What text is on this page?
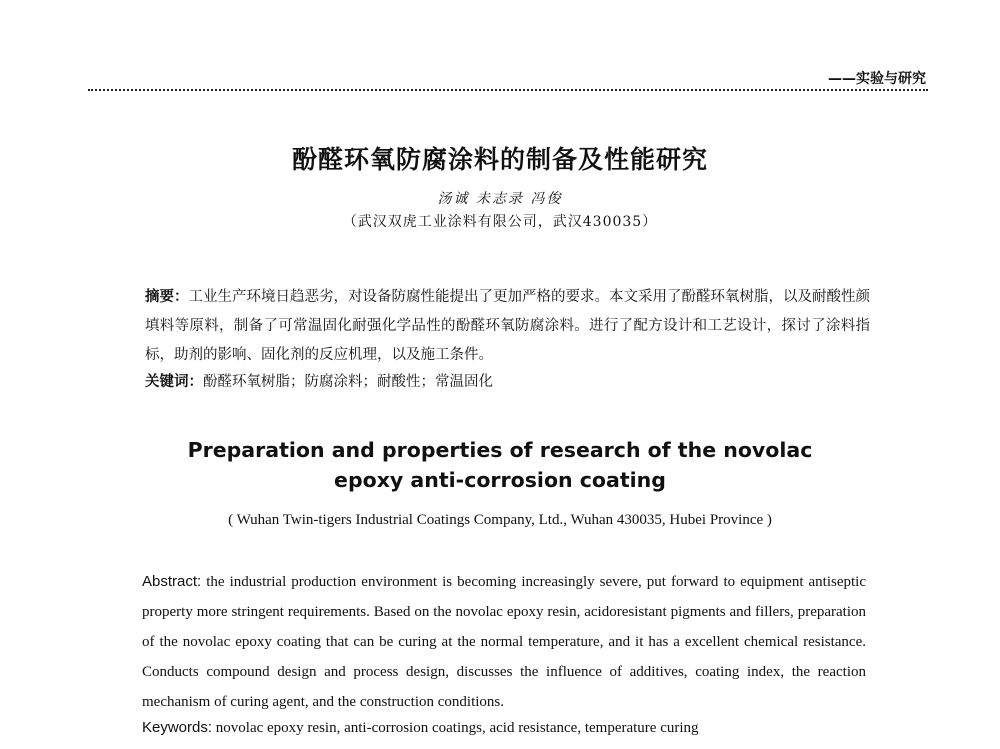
——实验与研究
酚醛环氧防腐涂料的制备及性能研究
汤诚 未志录 冯俊
（武汉双虎工业涂料有限公司，武汉430035）
摘要：工业生产环境日趋恶劣，对设备防腐性能提出了更加严格的要求。本文采用了酚醛环氧树脂，以及耐酸性颜填料等原料，制备了可常温固化耐强化学品性的酚醛环氧防腐涂料。进行了配方设计和工艺设计，探讨了涂料指标，助剂的影响、固化剂的反应机理，以及施工条件。
关键词：酚醛环氧树脂；防腐涂料；耐酸性；常温固化
Preparation and properties of research of the novolac
epoxy anti-corrosion coating
( Wuhan Twin-tigers Industrial Coatings Company, Ltd., Wuhan 430035, Hubei Province )
Abstract: the industrial production environment is becoming increasingly severe, put forward to equipment antiseptic property more stringent requirements. Based on the novolac epoxy resin, acidoresistant pigments and fillers, preparation of the novolac epoxy coating that can be curing at the normal temperature, and it has a excellent chemical resistance. Conducts compound design and process design, discusses the influence of additives, coating index, the reaction mechanism of curing agent, and the construction conditions.
Keywords: novolac epoxy resin, anti-corrosion coatings, acid resistance, temperature curing
